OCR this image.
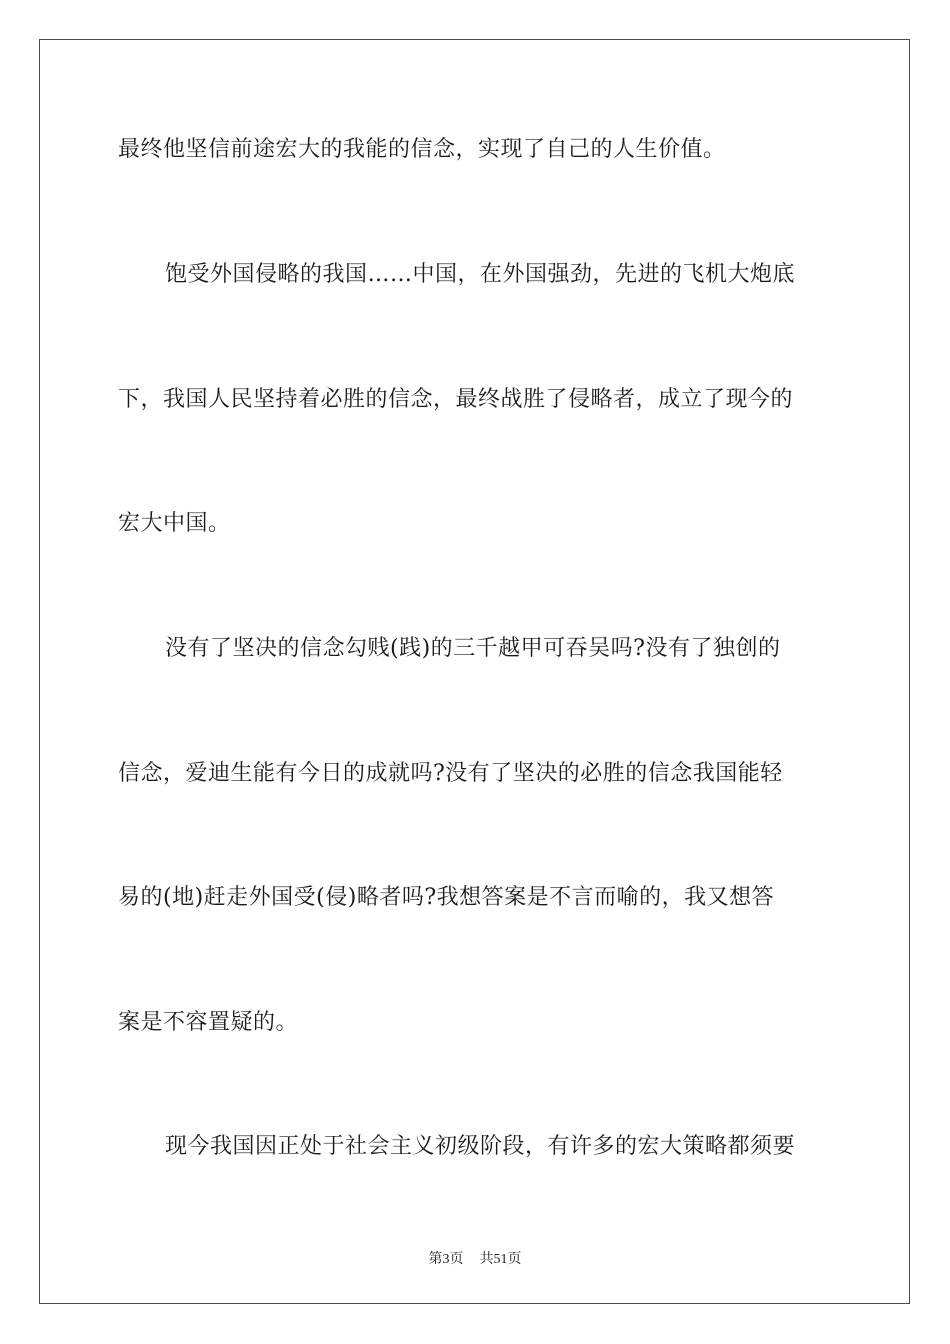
最终他坚信前途宏大的我能的信念，实现了自己的人生价值。
饱受外国侵略的我国……中国，在外国强劲，先进的飞机大炮底
下，我国人民坚持着必胜的信念，最终战胜了侵略者，成立了现今的
宏大中国。
没有了坚决的信念勾贱(践)的三千越甲可吞吴吗?没有了独创的
信念，爱迪生能有今日的成就吗?没有了坚决的必胜的信念我国能轻
易的(地)赶走外国受(侵)略者吗?我想答案是不言而喻的，我又想答
案是不容置疑的。
现今我国因正处于社会主义初级阶段，有许多的宏大策略都须要
第3页 共51页
